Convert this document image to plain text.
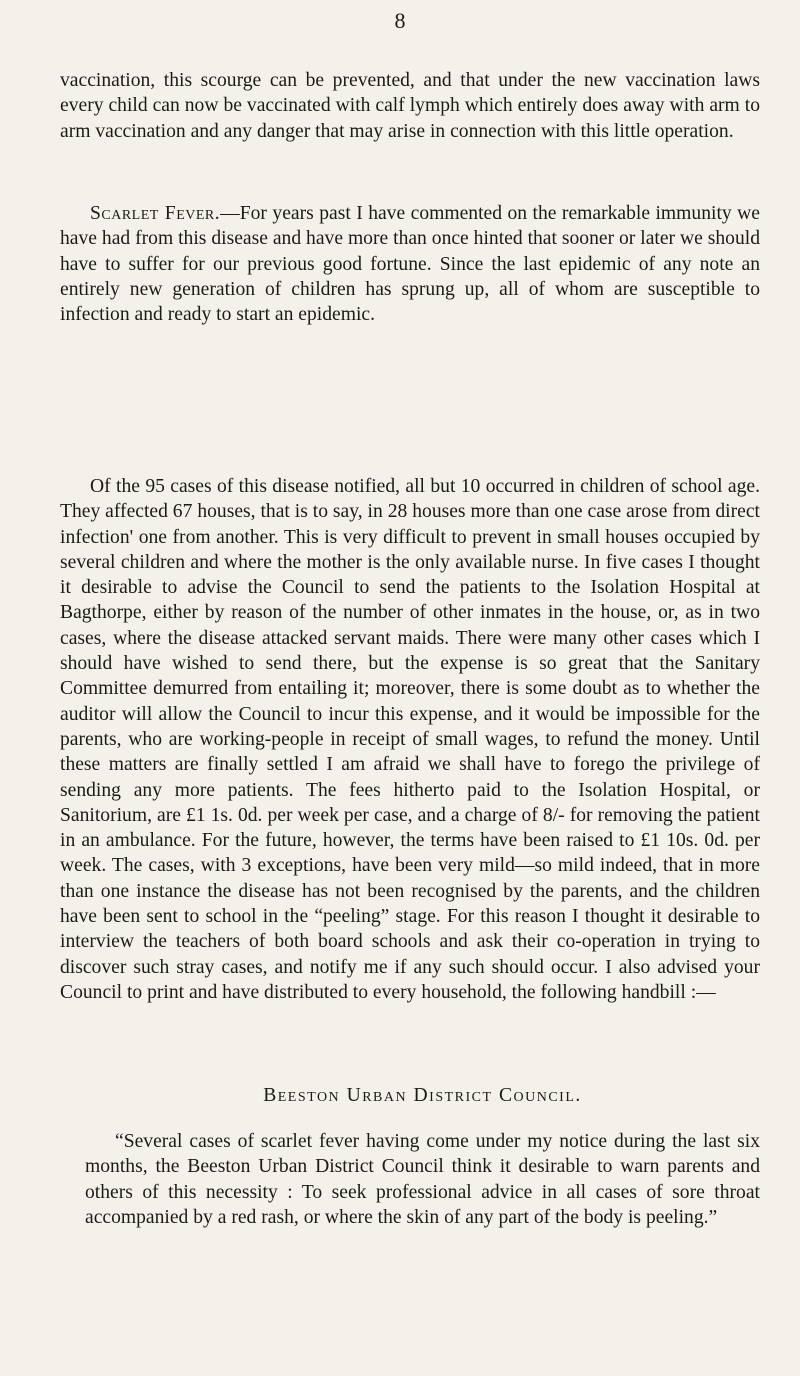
8

vaccination, this scourge can be prevented, and that under the new vaccination laws every child can now be vaccinated with calf lymph which entirely does away with arm to arm vaccination and any danger that may arise in connection with this little operation.

Scarlet Fever.—For years past I have commented on the remarkable immunity we have had from this disease and have more than once hinted that sooner or later we should have to suffer for our previous good fortune. Since the last epidemic of any note an entirely new generation of children has sprung up, all of whom are susceptible to infection and ready to start an epidemic.

Of the 95 cases of this disease notified, all but 10 occurred in children of school age. They affected 67 houses, that is to say, in 28 houses more than one case arose from direct infection' one from another. This is very difficult to prevent in small houses occupied by several children and where the mother is the only available nurse. In five cases I thought it desirable to advise the Council to send the patients to the Isolation Hospital at Bagthorpe, either by reason of the number of other inmates in the house, or, as in two cases, where the disease attacked servant maids. There were many other cases which I should have wished to send there, but the expense is so great that the Sanitary Committee demurred from entailing it; moreover, there is some doubt as to whether the auditor will allow the Council to incur this expense, and it would be impossible for the parents, who are working-people in receipt of small wages, to refund the money. Until these matters are finally settled I am afraid we shall have to forego the privilege of sending any more patients. The fees hitherto paid to the Isolation Hospital, or Sanitorium, are £1 1s. 0d. per week per case, and a charge of 8/- for removing the patient in an ambulance. For the future, however, the terms have been raised to £1 10s. 0d. per week. The cases, with 3 exceptions, have been very mild—so mild indeed, that in more than one instance the disease has not been recognised by the parents, and the children have been sent to school in the “peeling” stage. For this reason I thought it desirable to interview the teachers of both board schools and ask their co-operation in trying to discover such stray cases, and notify me if any such should occur. I also advised your Council to print and have distributed to every household, the following handbill :—

Beeston Urban District Council.

“Several cases of scarlet fever having come under my notice during the last six months, the Beeston Urban District Council think it desirable to warn parents and others of this necessity : To seek professional advice in all cases of sore throat accompanied by a red rash, or where the skin of any part of the body is peeling.”
